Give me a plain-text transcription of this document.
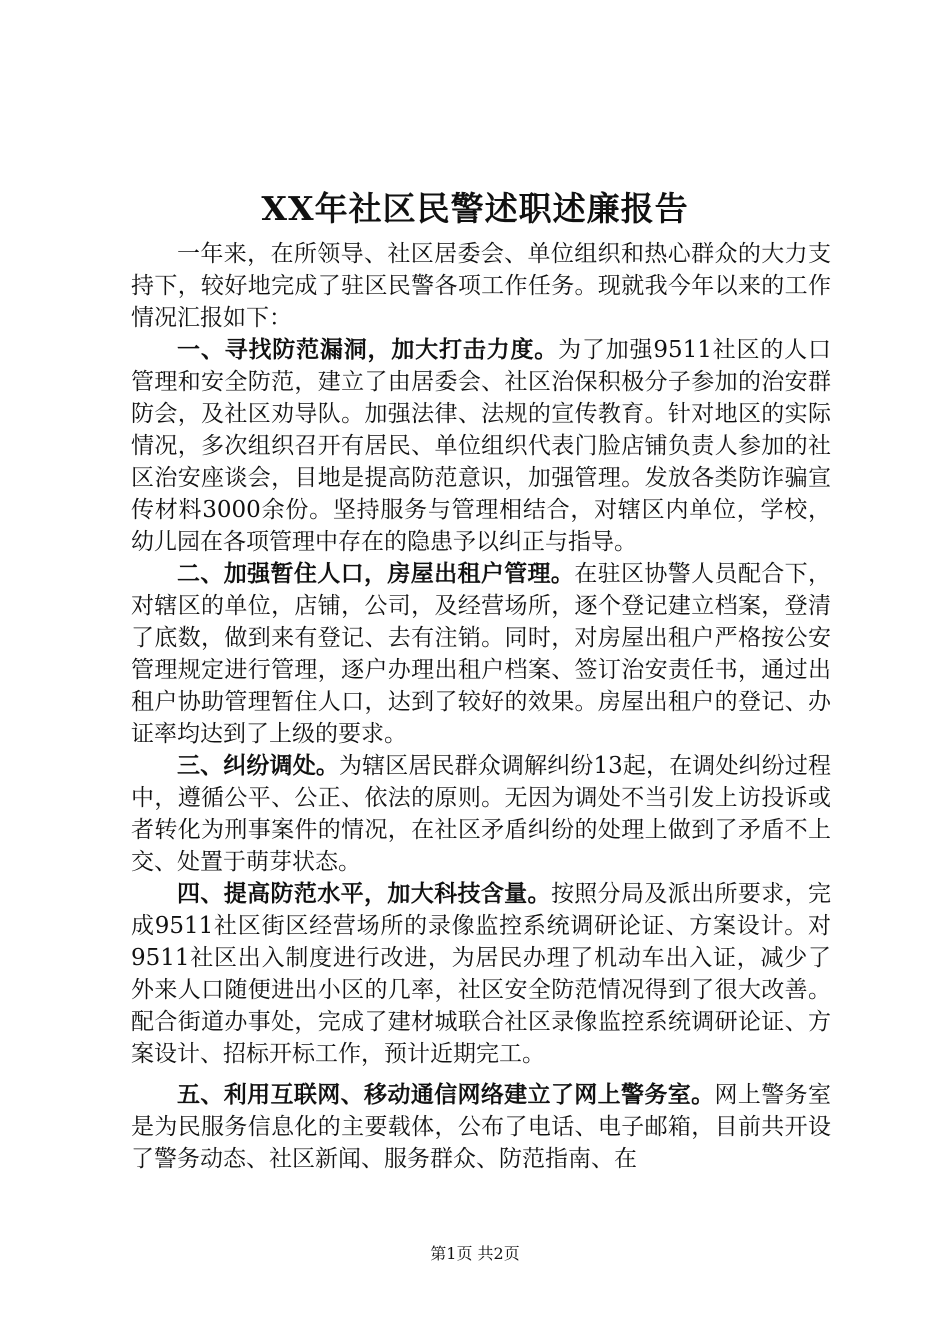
XX年社区民警述职述廉报告

一年来，在所领导、社区居委会、单位组织和热心群众的大力支持下，较好地完成了驻区民警各项工作任务。现就我今年以来的工作情况汇报如下：

一、寻找防范漏洞，加大打击力度。为了加强9511社区的人口管理和安全防范，建立了由居委会、社区治保积极分子参加的治安群防会，及社区劝导队。加强法律、法规的宣传教育。针对地区的实际情况，多次组织召开有居民、单位组织代表门脸店铺负责人参加的社区治安座谈会，目地是提高防范意识，加强管理。发放各类防诈骗宣传材料3000余份。坚持服务与管理相结合，对辖区内单位，学校，幼儿园在各项管理中存在的隐患予以纠正与指导。

二、加强暂住人口，房屋出租户管理。在驻区协警人员配合下，对辖区的单位，店铺，公司，及经营场所，逐个登记建立档案，登清了底数，做到来有登记、去有注销。同时，对房屋出租户严格按公安管理规定进行管理，逐户办理出租户档案、签订治安责任书，通过出租户协助管理暂住人口，达到了较好的效果。房屋出租户的登记、办证率均达到了上级的要求。

三、纠纷调处。为辖区居民群众调解纠纷13起，在调处纠纷过程中，遵循公平、公正、依法的原则。无因为调处不当引发上访投诉或者转化为刑事案件的情况，在社区矛盾纠纷的处理上做到了矛盾不上交、处置于萌芽状态。

四、提高防范水平，加大科技含量。按照分局及派出所要求，完成9511社区街区经营场所的录像监控系统调研论证、方案设计。对9511社区出入制度进行改进，为居民办理了机动车出入证，减少了外来人口随便进出小区的几率，社区安全防范情况得到了很大改善。配合街道办事处，完成了建材城联合社区录像监控系统调研论证、方案设计、招标开标工作，预计近期完工。

五、利用互联网、移动通信网络建立了网上警务室。网上警务室是为民服务信息化的主要载体，公布了电话、电子邮箱，目前共开设了警务动态、社区新闻、服务群众、防范指南、在

第1页 共2页
